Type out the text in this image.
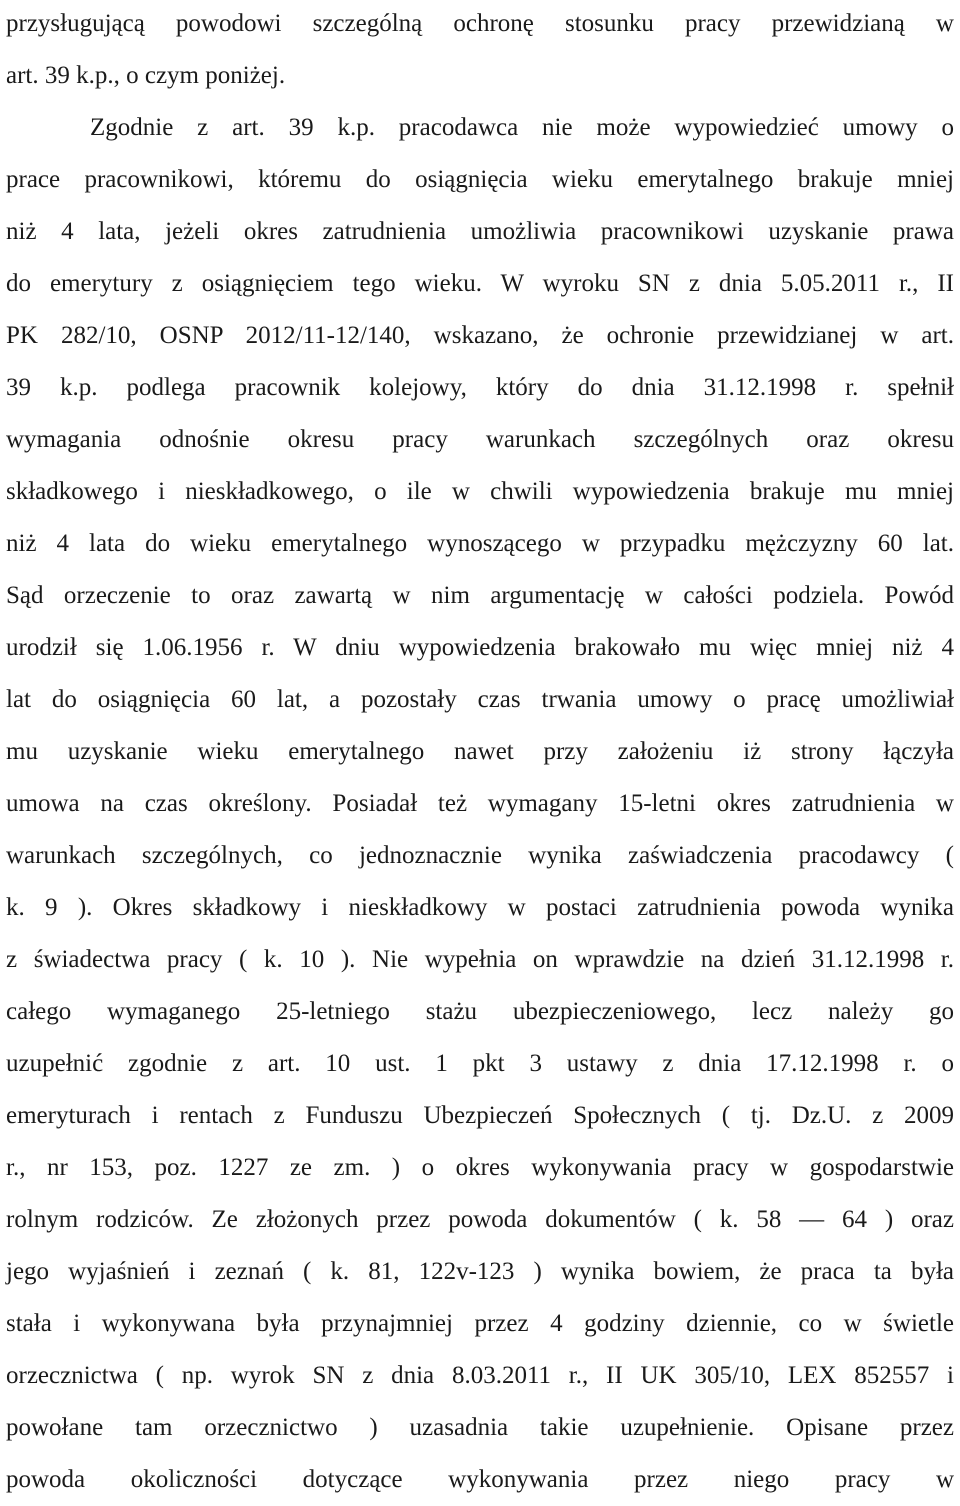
przysługującą powodowi szczególną ochronę stosunku pracy przewidzianą w
art. 39 k.p., o czym poniżej.
Zgodnie z art. 39 k.p. pracodawca nie może wypowiedzieć umowy o
prace pracownikowi, któremu do osiągnięcia wieku emerytalnego brakuje mniej
niż 4 lata, jeżeli okres zatrudnienia umożliwia pracownikowi uzyskanie prawa
do emerytury z osiągnięciem tego wieku. W wyroku SN z dnia 5.05.2011 r., II
PK 282/10, OSNP 2012/11-12/140, wskazano, że ochronie przewidzianej w art.
39 k.p. podlega pracownik kolejowy, który do dnia 31.12.1998 r. spełnił
wymagania odnośnie okresu pracy warunkach szczególnych oraz okresu
składkowego i nieskładkowego, o ile w chwili wypowiedzenia brakuje mu mniej
niż 4 lata do wieku emerytalnego wynoszącego w przypadku mężczyzny 60 lat.
Sąd orzeczenie to oraz zawartą w nim argumentację w całości podziela. Powód
urodził się 1.06.1956 r. W dniu wypowiedzenia brakowało mu więc mniej niż 4
lat do osiągnięcia 60 lat, a pozostały czas trwania umowy o pracę umożliwiał
mu uzyskanie wieku emerytalnego nawet przy założeniu iż strony łączyła
umowa na czas określony. Posiadał też wymagany 15-letni okres zatrudnienia w
warunkach szczególnych, co jednoznacznie wynika zaświadczenia pracodawcy (
k. 9 ). Okres składkowy i nieskładkowy w postaci zatrudnienia powoda wynika
z świadectwa pracy ( k. 10 ). Nie wypełnia on wprawdzie na dzień 31.12.1998 r.
całego wymaganego 25-letniego stażu ubezpieczeniowego, lecz należy go
uzupełnić zgodnie z art. 10 ust. 1 pkt 3 ustawy z dnia 17.12.1998 r. o
emeryturach i rentach z Funduszu Ubezpieczeń Społecznych ( tj. Dz.U. z 2009
r., nr 153, poz. 1227 ze zm. ) o okres wykonywania pracy w gospodarstwie
rolnym rodziców. Ze złożonych przez powoda dokumentów ( k. 58 — 64 ) oraz
jego wyjaśnień i zeznań ( k. 81, 122v-123 ) wynika bowiem, że praca ta była
stała i wykonywana była przynajmniej przez 4 godziny dziennie, co w świetle
orzecznictwa ( np. wyrok SN z dnia 8.03.2011 r., II UK 305/10, LEX 852557 i
powołane tam orzecznictwo ) uzasadnia takie uzupełnienie. Opisane przez
powoda okoliczności dotyczące wykonywania przez niego pracy w
